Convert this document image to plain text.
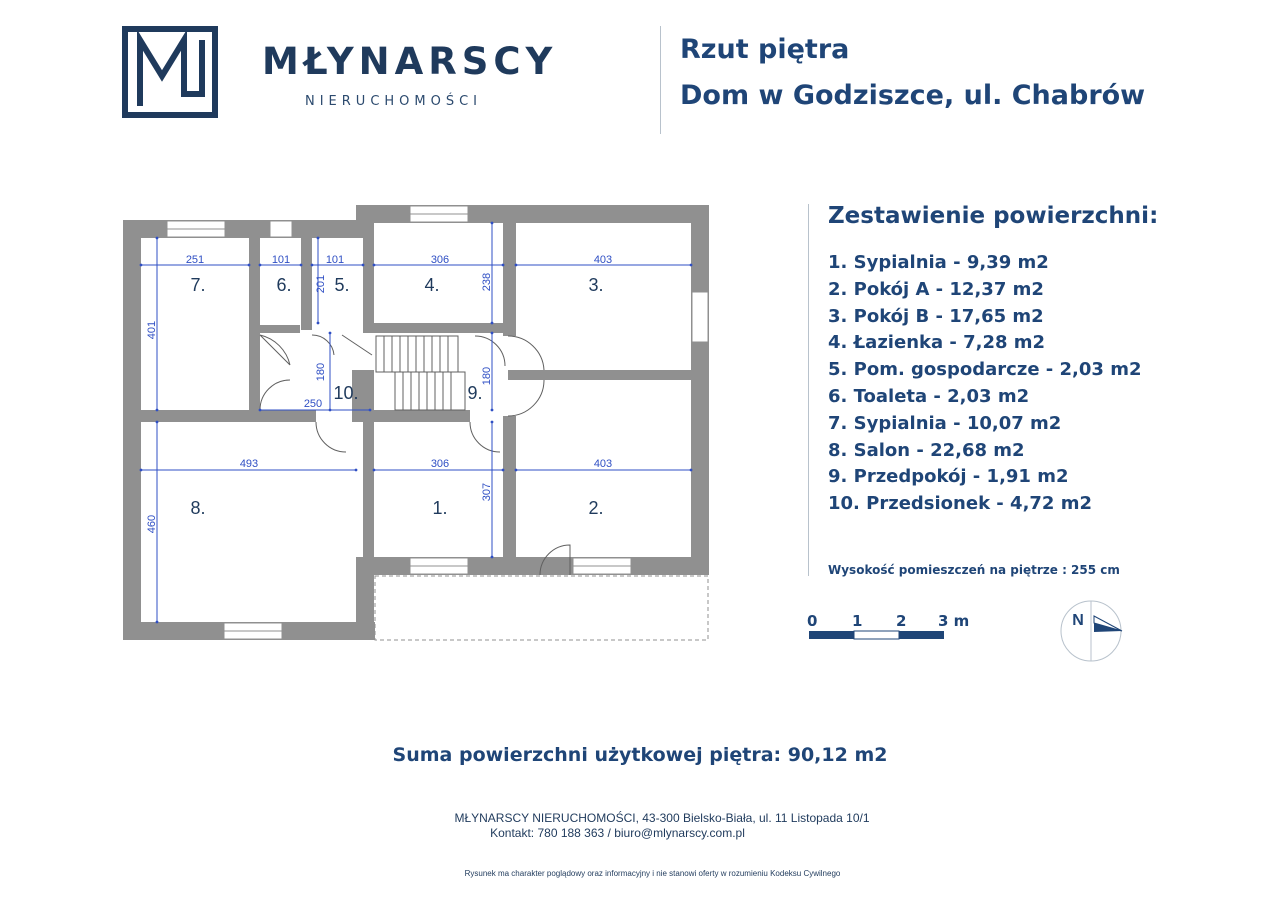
MŁYNARSCY
NIERUCHOMOŚCI
Rzut piętra
Dom w Godziszce, ul. Chabrów
251	101	101	306	403
201	238
401
180
250
180
493	306	403
307
460
7.	6. 5.	4.	3.
10.	9.
8.	1.	2.
Zestawienie powierzchni:
1. Sypialnia - 9,39 m2
2. Pokój A - 12,37 m2
3. Pokój B - 17,65 m2
4. Łazienka - 7,28 m2
5. Pom. gospodarcze - 2,03 m2
6. Toaleta - 2,03 m2
7. Sypialnia - 10,07 m2
8. Salon - 22,68 m2
9. Przedpokój - 1,91 m2
10. Przedsionek - 4,72 m2
Wysokość pomieszczeń na piętrze : 255 cm
0 1 2 3 m	N
Suma powierzchni użytkowej piętra: 90,12 m2
MŁYNARSCY NIERUCHOMOŚCI, 43-300 Bielsko-Biała, ul. 11 Listopada 10/1
Kontakt: 780 188 363 / biuro@mlynarscy.com.pl
Rysunek ma charakter poglądowy oraz informacyjny i nie stanowi oferty w rozumieniu Kodeksu Cywilnego
